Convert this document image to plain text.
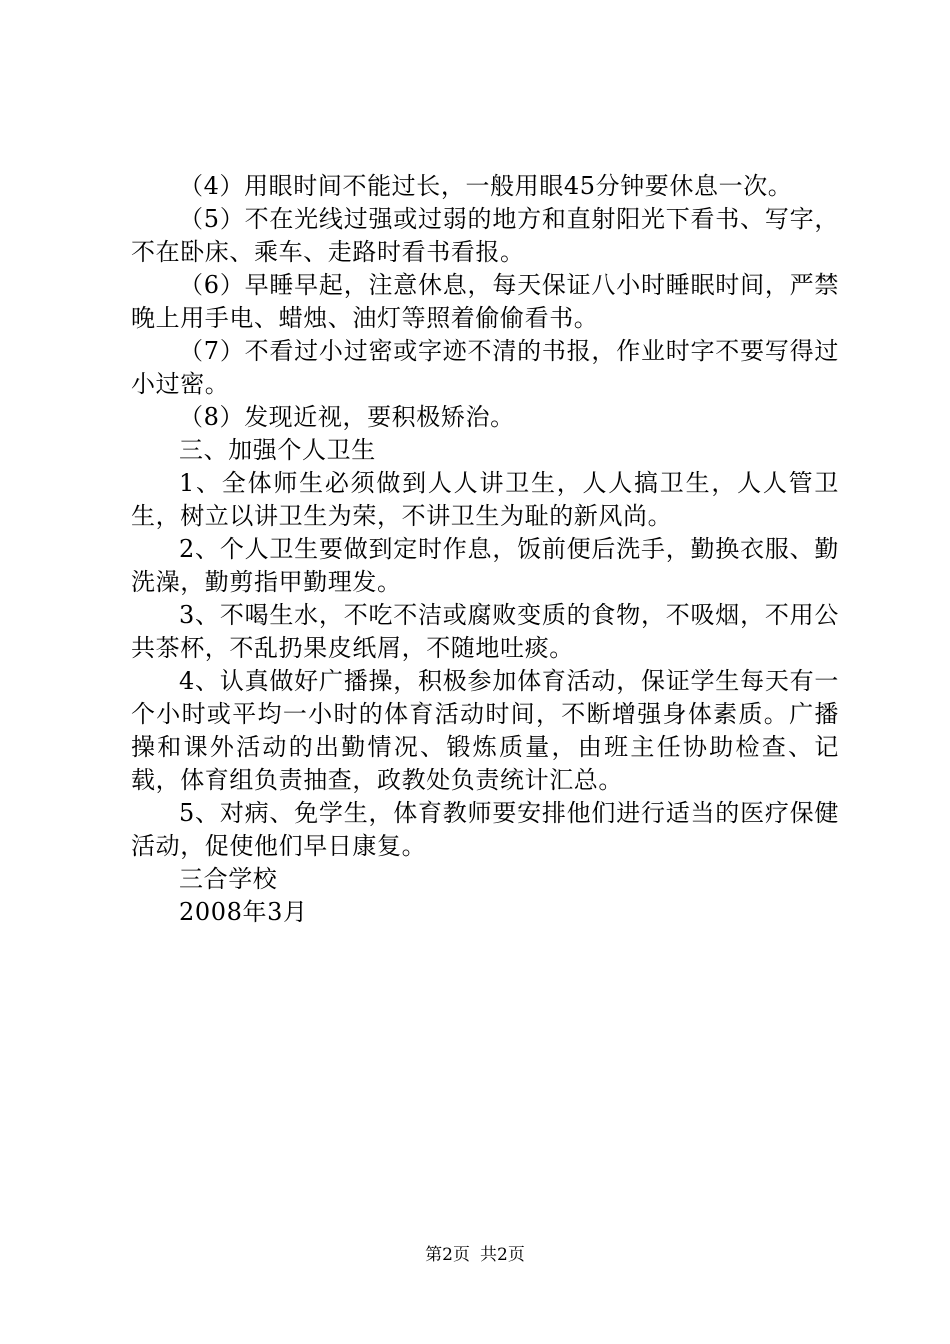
（4）用眼时间不能过长，一般用眼45分钟要休息一次。

（5）不在光线过强或过弱的地方和直射阳光下看书、写字，不在卧床、乘车、走路时看书看报。

（6）早睡早起，注意休息，每天保证八小时睡眠时间，严禁晚上用手电、蜡烛、油灯等照着偷偷看书。

（7）不看过小过密或字迹不清的书报，作业时字不要写得过小过密。

（8）发现近视，要积极矫治。

三、加强个人卫生

1、全体师生必须做到人人讲卫生，人人搞卫生，人人管卫生，树立以讲卫生为荣，不讲卫生为耻的新风尚。

2、个人卫生要做到定时作息，饭前便后洗手，勤换衣服、勤洗澡，勤剪指甲勤理发。

3、不喝生水，不吃不洁或腐败变质的食物，不吸烟，不用公共茶杯，不乱扔果皮纸屑，不随地吐痰。

4、认真做好广播操，积极参加体育活动，保证学生每天有一个小时或平均一小时的体育活动时间，不断增强身体素质。广播操和课外活动的出勤情况、锻炼质量，由班主任协助检查、记载，体育组负责抽查，政教处负责统计汇总。

5、对病、免学生，体育教师要安排他们进行适当的医疗保健活动，促使他们早日康复。

三合学校

2008年3月

第2页 共2页
